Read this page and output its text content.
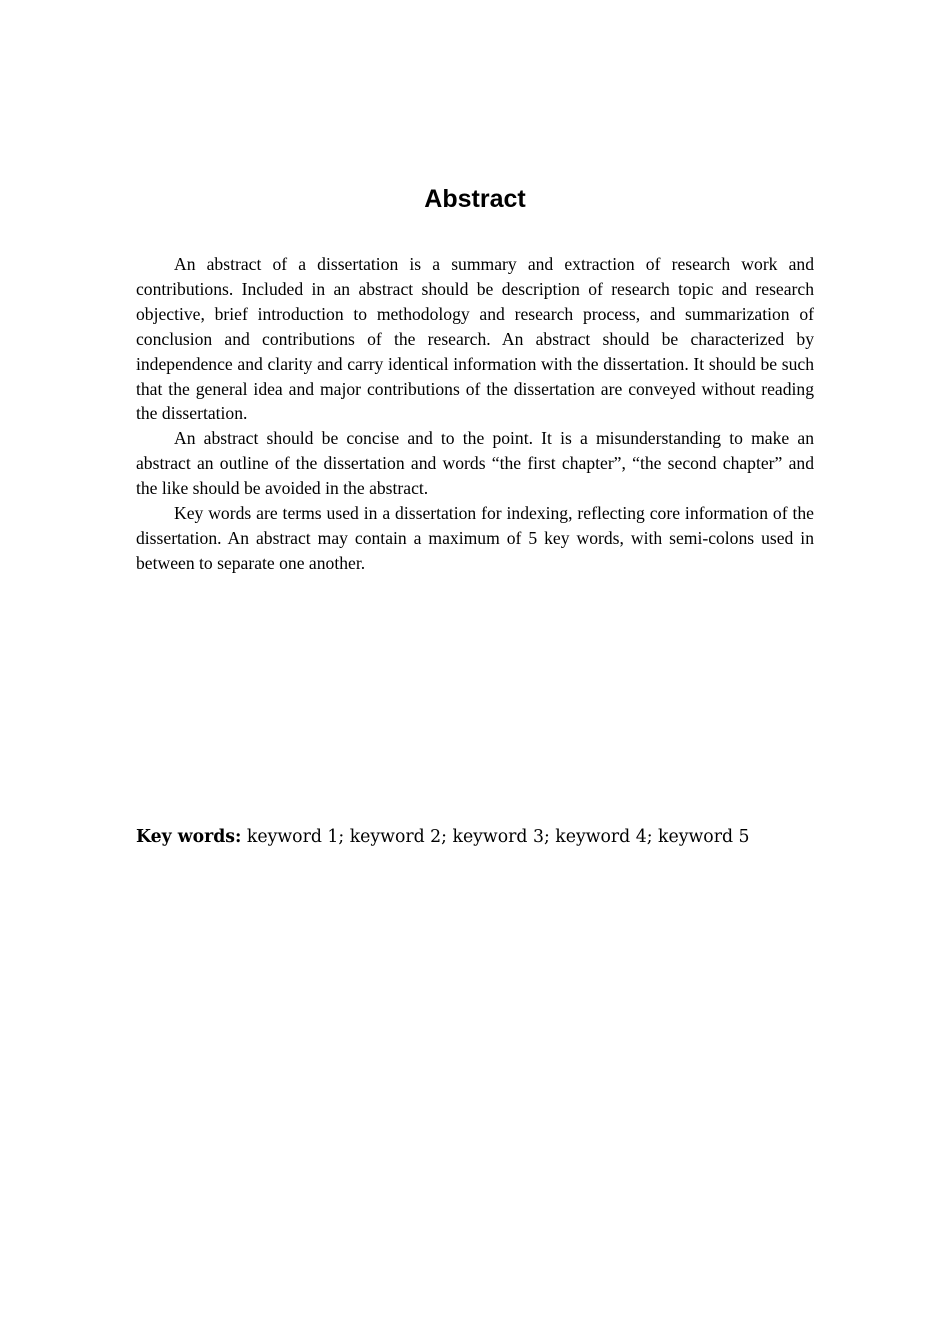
Abstract

An abstract of a dissertation is a summary and extraction of research work and contributions. Included in an abstract should be description of research topic and research objective, brief introduction to methodology and research process, and summarization of conclusion and contributions of the research. An abstract should be characterized by independence and clarity and carry identical information with the dissertation. It should be such that the general idea and major contributions of the dissertation are conveyed without reading the dissertation.

An abstract should be concise and to the point. It is a misunderstanding to make an abstract an outline of the dissertation and words “the first chapter”, “the second chapter” and the like should be avoided in the abstract.

Key words are terms used in a dissertation for indexing, reflecting core information of the dissertation. An abstract may contain a maximum of 5 key words, with semi-colons used in between to separate one another.

Key words: keyword 1; keyword 2; keyword 3; keyword 4; keyword 5
